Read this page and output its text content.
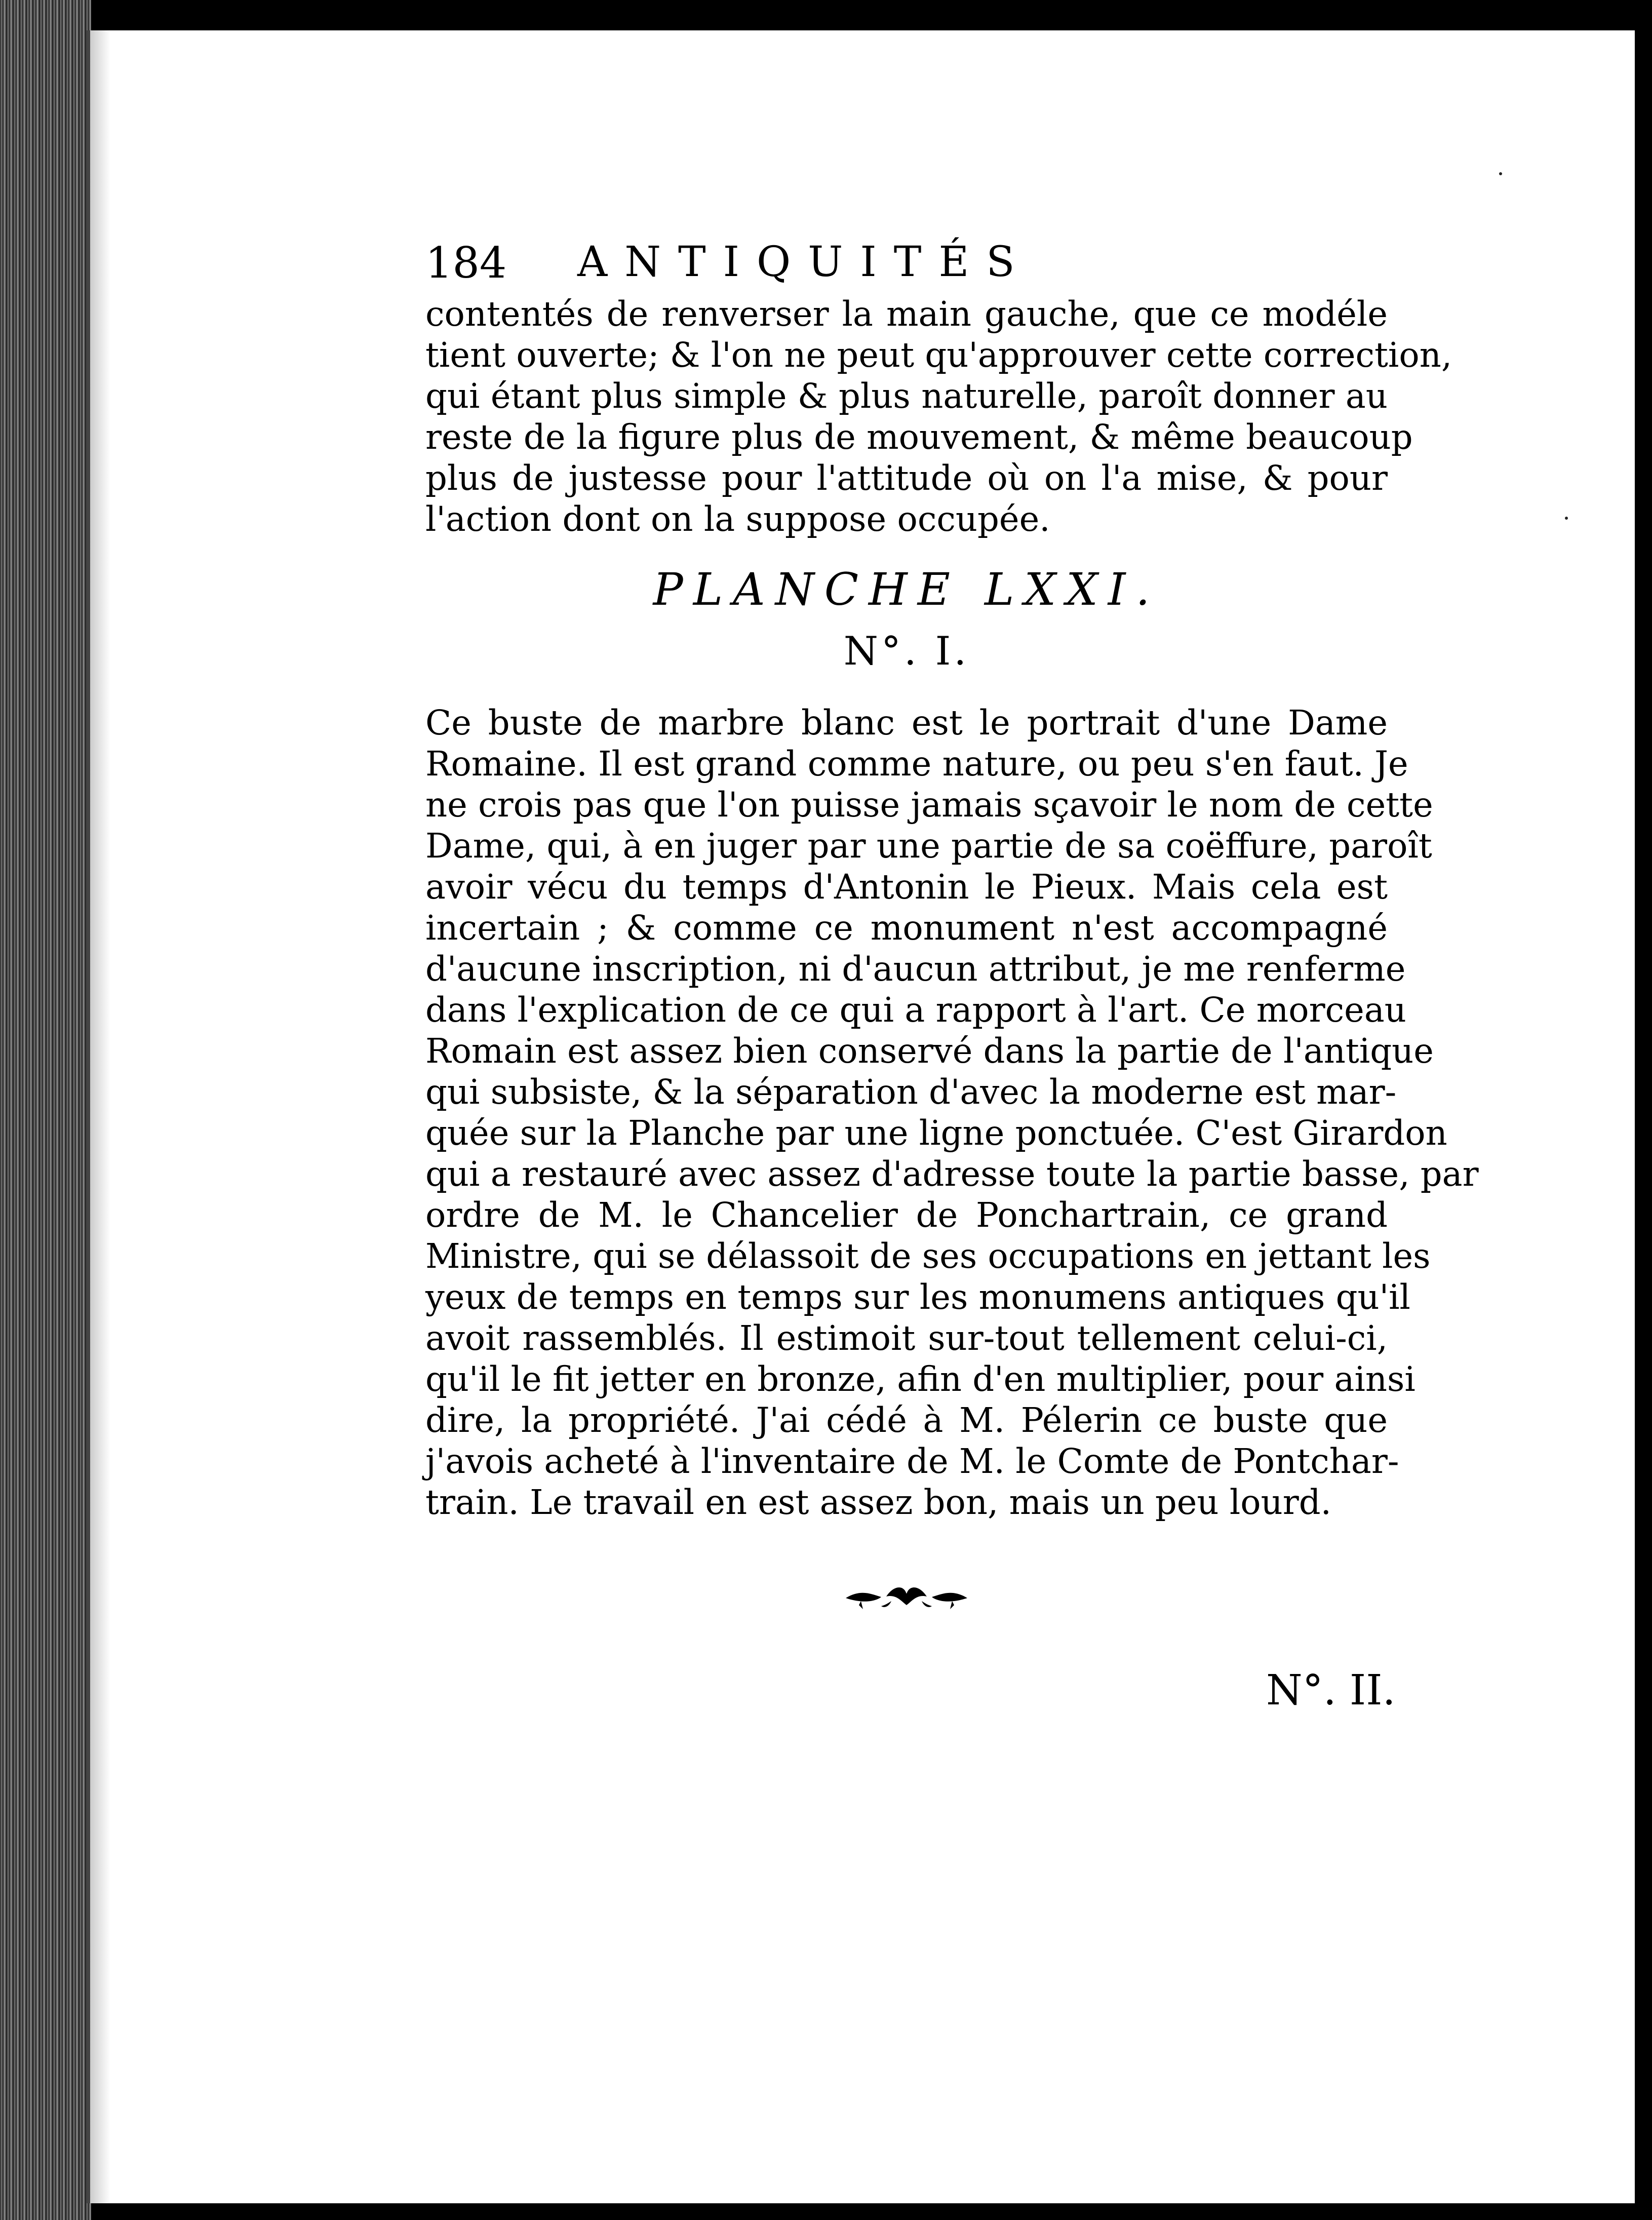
184 ANTIQUITÉS
contentés de renverser la main gauche, que ce modéle
tient ouverte; & l'on ne peut qu'approuver cette correction,
qui étant plus simple & plus naturelle, paroît donner au
reste de la figure plus de mouvement, & même beaucoup
plus de justesse pour l'attitude où on l'a mise, & pour
l'action dont on la suppose occupée.
PLANCHE LXXI.
N°. I.
Ce buste de marbre blanc est le portrait d'une Dame
Romaine. Il est grand comme nature, ou peu s'en faut. Je
ne crois pas que l'on puisse jamais sçavoir le nom de cette
Dame, qui, à en juger par une partie de sa coëffure, paroît
avoir vécu du temps d'Antonin le Pieux. Mais cela est
incertain ; & comme ce monument n'est accompagné
d'aucune inscription, ni d'aucun attribut, je me renferme
dans l'explication de ce qui a rapport à l'art. Ce morceau
Romain est assez bien conservé dans la partie de l'antique
qui subsiste, & la séparation d'avec la moderne est mar-
quée sur la Planche par une ligne ponctuée. C'est Girardon
qui a restauré avec assez d'adresse toute la partie basse, par
ordre de M. le Chancelier de Ponchartrain, ce grand
Ministre, qui se délassoit de ses occupations en jettant les
yeux de temps en temps sur les monumens antiques qu'il
avoit rassemblés. Il estimoit sur-tout tellement celui-ci,
qu'il le fit jetter en bronze, afin d'en multiplier, pour ainsi
dire, la propriété. J'ai cédé à M. Pélerin ce buste que
j'avois acheté à l'inventaire de M. le Comte de Pontchar-
train. Le travail en est assez bon, mais un peu lourd.
N°. II.
